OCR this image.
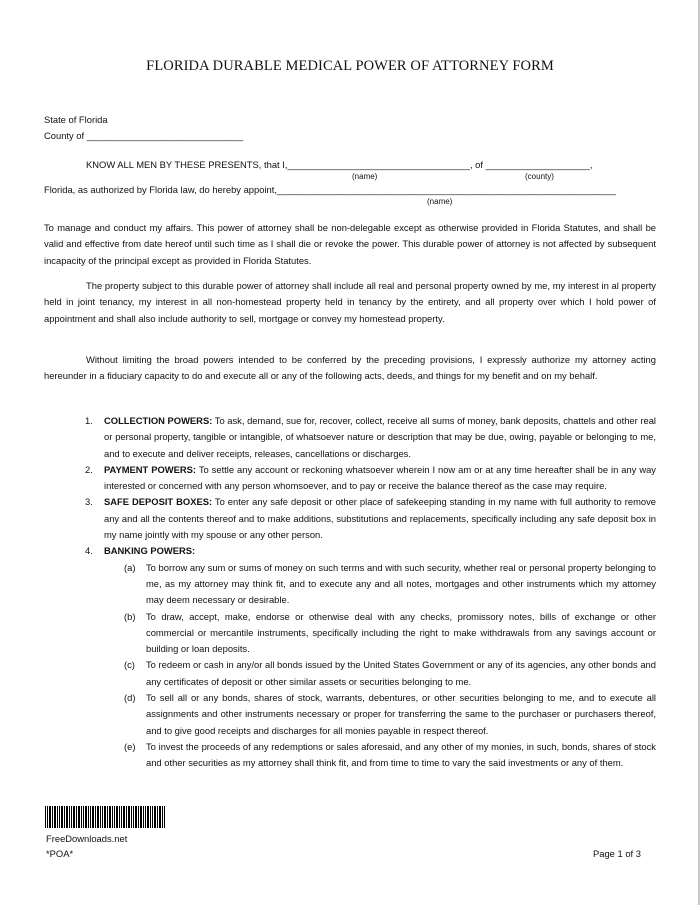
FLORIDA DURABLE MEDICAL POWER OF ATTORNEY FORM
State of Florida
County of ______________________________
KNOW ALL MEN BY THESE PRESENTS, that I,___________________________________, of ____________________,
(name)	(county)
Florida, as authorized by Florida law, do hereby appoint,_________________________________________________________________
(name)
To manage and conduct my affairs. This power of attorney shall be non-delegable except as otherwise provided in Florida Statutes, and shall be valid and effective from date hereof until such time as I shall die or revoke the power. This durable power of attorney is not affected by subsequent incapacity of the principal except as provided in Florida Statutes.
The property subject to this durable power of attorney shall include all real and personal property owned by me, my interest in al property held in joint tenancy, my interest in all non-homestead property held in tenancy by the entirety, and all property over which I hold power of appointment and shall also include authority to sell, mortgage or convey my homestead property.
Without limiting the broad powers intended to be conferred by the preceding provisions, I expressly authorize my attorney acting hereunder in a fiduciary capacity to do and execute all or any of the following acts, deeds, and things for my benefit and on my behalf.
1. COLLECTION POWERS: To ask, demand, sue for, recover, collect, receive all sums of money, bank deposits, chattels and other real or personal property, tangible or intangible, of whatsoever nature or description that may be due, owing, payable or belonging to me, and to execute and deliver receipts, releases, cancellations or discharges.
2. PAYMENT POWERS: To settle any account or reckoning whatsoever wherein I now am or at any time hereafter shall be in any way interested or concerned with any person whomsoever, and to pay or receive the balance thereof as the case may require.
3. SAFE DEPOSIT BOXES: To enter any safe deposit or other place of safekeeping standing in my name with full authority to remove any and all the contents thereof and to make additions, substitutions and replacements, specifically including any safe deposit box in my name jointly with my spouse or any other person.
4. BANKING POWERS:
(a) To borrow any sum or sums of money on such terms and with such security, whether real or personal property belonging to me, as my attorney may think fit, and to execute any and all notes, mortgages and other instruments which my attorney may deem necessary or desirable.
(b) To draw, accept, make, endorse or otherwise deal with any checks, promissory notes, bills of exchange or other commercial or mercantile instruments, specifically including the right to make withdrawals from any savings account or building or loan deposits.
(c) To redeem or cash in any/or all bonds issued by the United States Government or any of its agencies, any other bonds and any certificates of deposit or other similar assets or securities belonging to me.
(d) To sell all or any bonds, shares of stock, warrants, debentures, or other securities belonging to me, and to execute all assignments and other instruments necessary or proper for transferring the same to the purchaser or purchasers thereof, and to give good receipts and discharges for all monies payable in respect thereof.
(e) To invest the proceeds of any redemptions or sales aforesaid, and any other of my monies, in such, bonds, shares of stock and other securities as my attorney shall think fit, and from time to time to vary the said investments or any of them.
FreeDownloads.net
*POA*	Page 1 of 3
